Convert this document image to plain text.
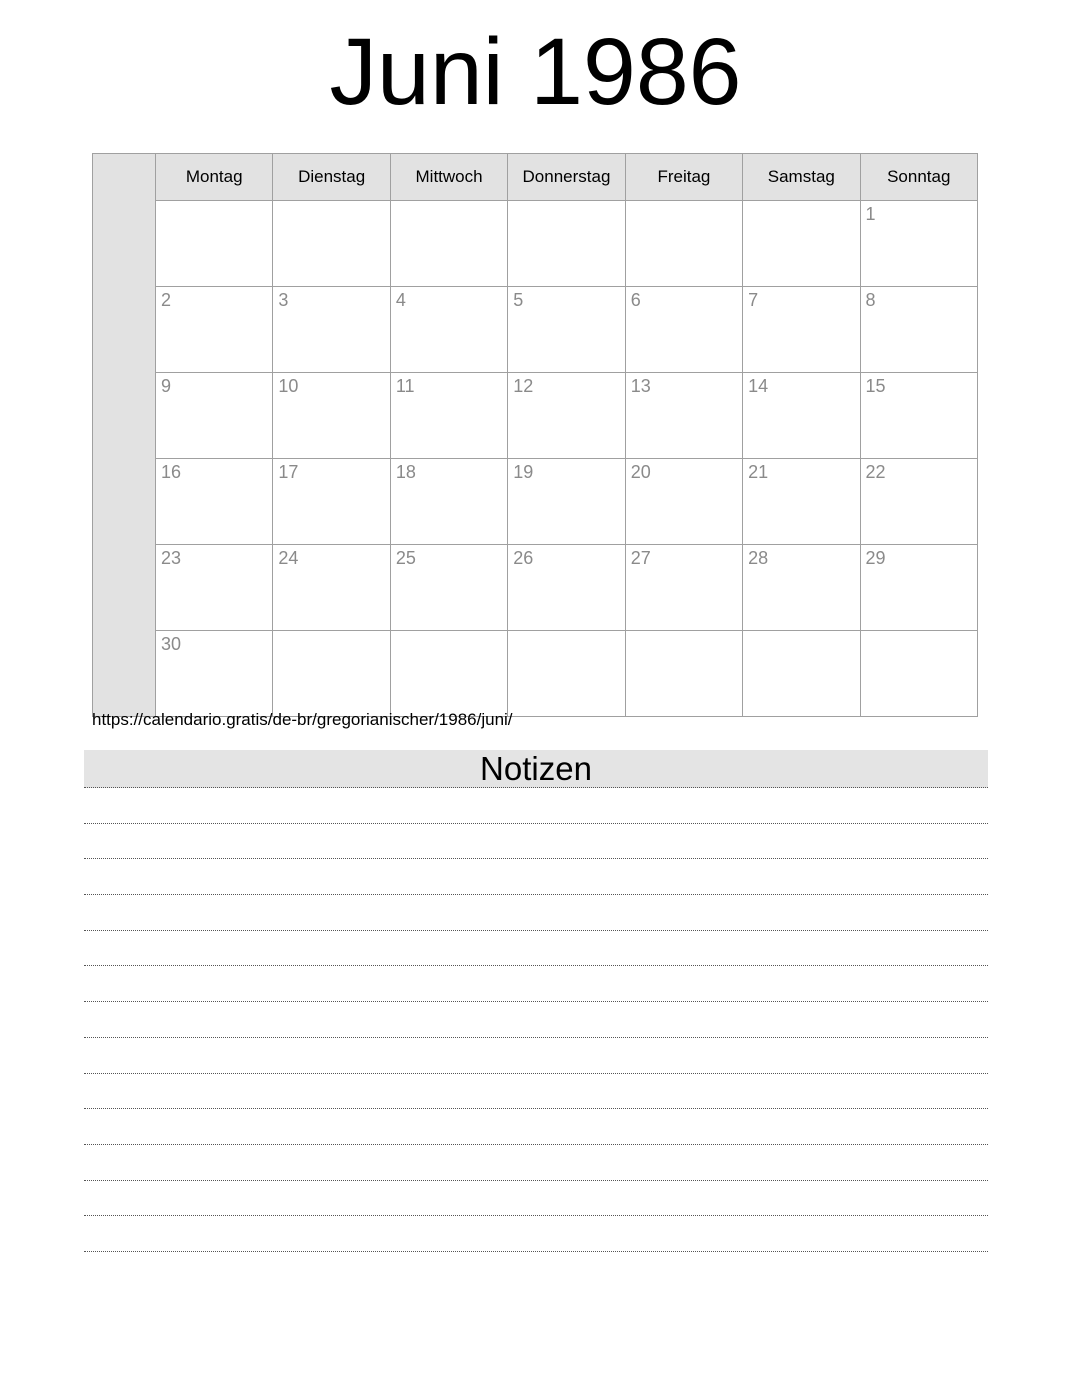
Juni 1986
	Montag	Dienstag	Mittwoch	Donnerstag	Freitag	Samstag	Sonntag

							1

	2	3	4	5	6	7	8

	9	10	11	12	13	14	15

	16	17	18	19	20	21	22

	23	24	25	26	27	28	29

	30						

https://calendario.gratis/de-br/gregorianischer/1986/juni/
Notizen
